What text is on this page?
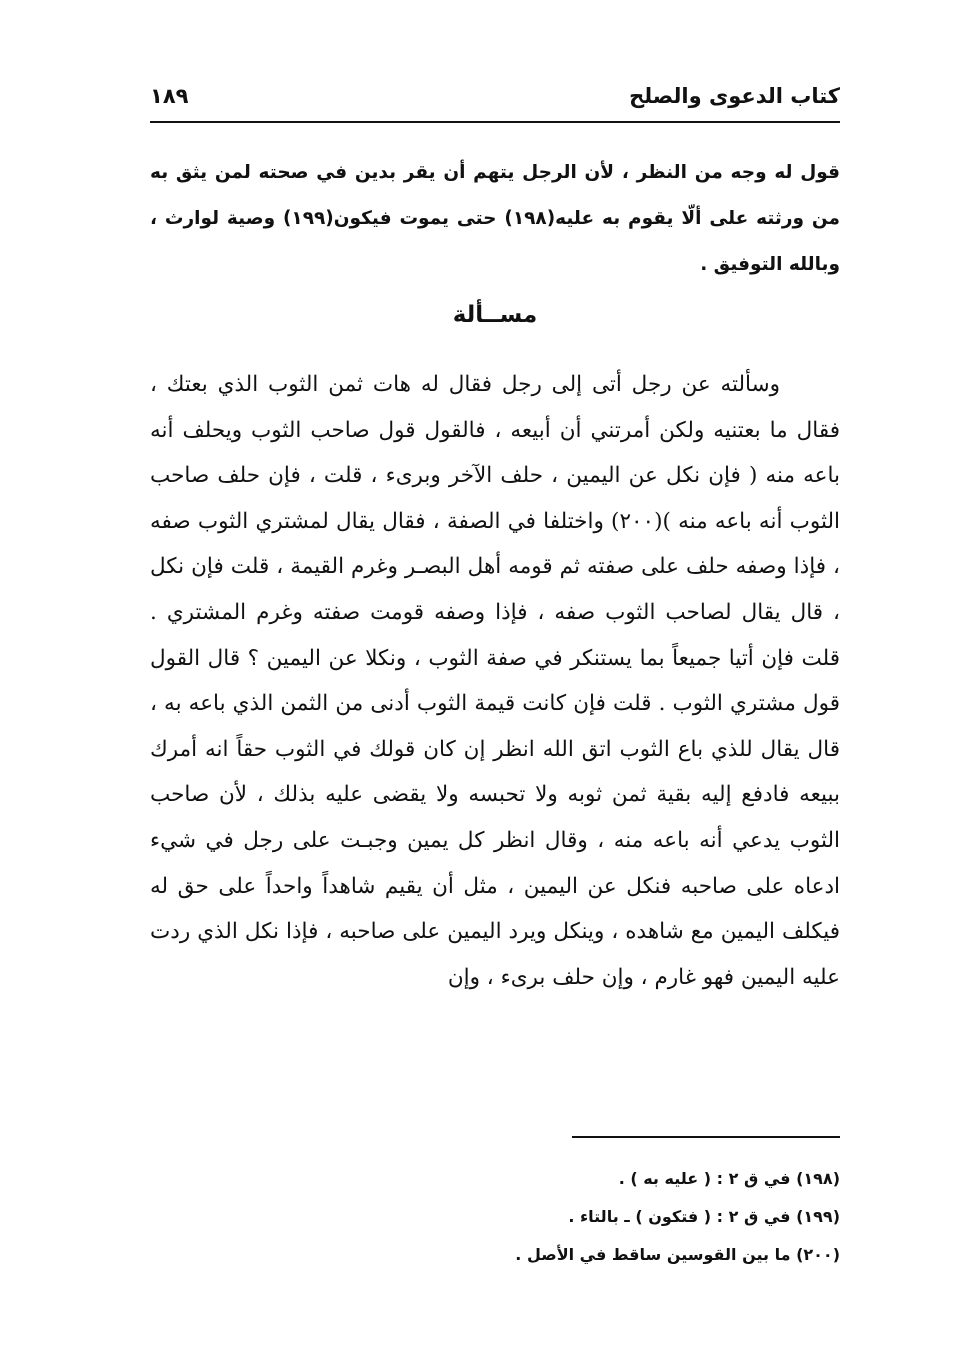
كتاب الدعوى والصلح
١٨٩

قول له وجه من النظر ، لأن الرجل يتهم أن يقر بدين في صحته لمن يثق به من ورثته على ألّا يقوم به عليه(١٩٨) حتى يموت فيكون(١٩٩) وصية لوارث ، وبالله التوفيق .

مســألة

وسألته عن رجل أتى إلى رجل فقال له هات ثمن الثوب الذي بعتك ، فقال ما بعتنيه ولكن أمرتني أن أبيعه ، فالقول قول صاحب الثوب ويحلف أنه باعه منه ( فإن نكل عن اليمين ، حلف الآخر وبرىء ، قلت ، فإن حلف صاحب الثوب أنه باعه منه )(٢٠٠) واختلفا في الصفة ، فقال يقال لمشتري الثوب صفه ، فإذا وصفه حلف على صفته ثم قومه أهل البصـر وغرم القيمة ، قلت فإن نكل ، قال يقال لصاحب الثوب صفه ، فإذا وصفه قومت صفته وغرم المشتري . قلت فإن أتيا جميعاً بما يستنكر في صفة الثوب ، ونكلا عن اليمين ؟ قال القول قول مشتري الثوب . قلت فإن كانت قيمة الثوب أدنى من الثمن الذي باعه به ، قال يقال للذي باع الثوب اتق الله انظر إن كان قولك في الثوب حقاً انه أمرك ببيعه فادفع إليه بقية ثمن ثوبه ولا تحبسه ولا يقضى عليه بذلك ، لأن صاحب الثوب يدعي أنه باعه منه ، وقال انظر كل يمين وجبـت على رجل في شيء ادعاه على صاحبه فنكل عن اليمين ، مثل أن يقيم شاهداً واحداً على حق له فيكلف اليمين مع شاهده ، وينكل ويرد اليمين على صاحبه ، فإذا نكل الذي ردت عليه اليمين فهو غارم ، وإن حلف برىء ، وإن

(١٩٨) في ق ٢ : ( عليه به ) .
(١٩٩) في ق ٢ : ( فتكون ) ـ بالتاء .
(٢٠٠) ما بين القوسين ساقط في الأصل .
